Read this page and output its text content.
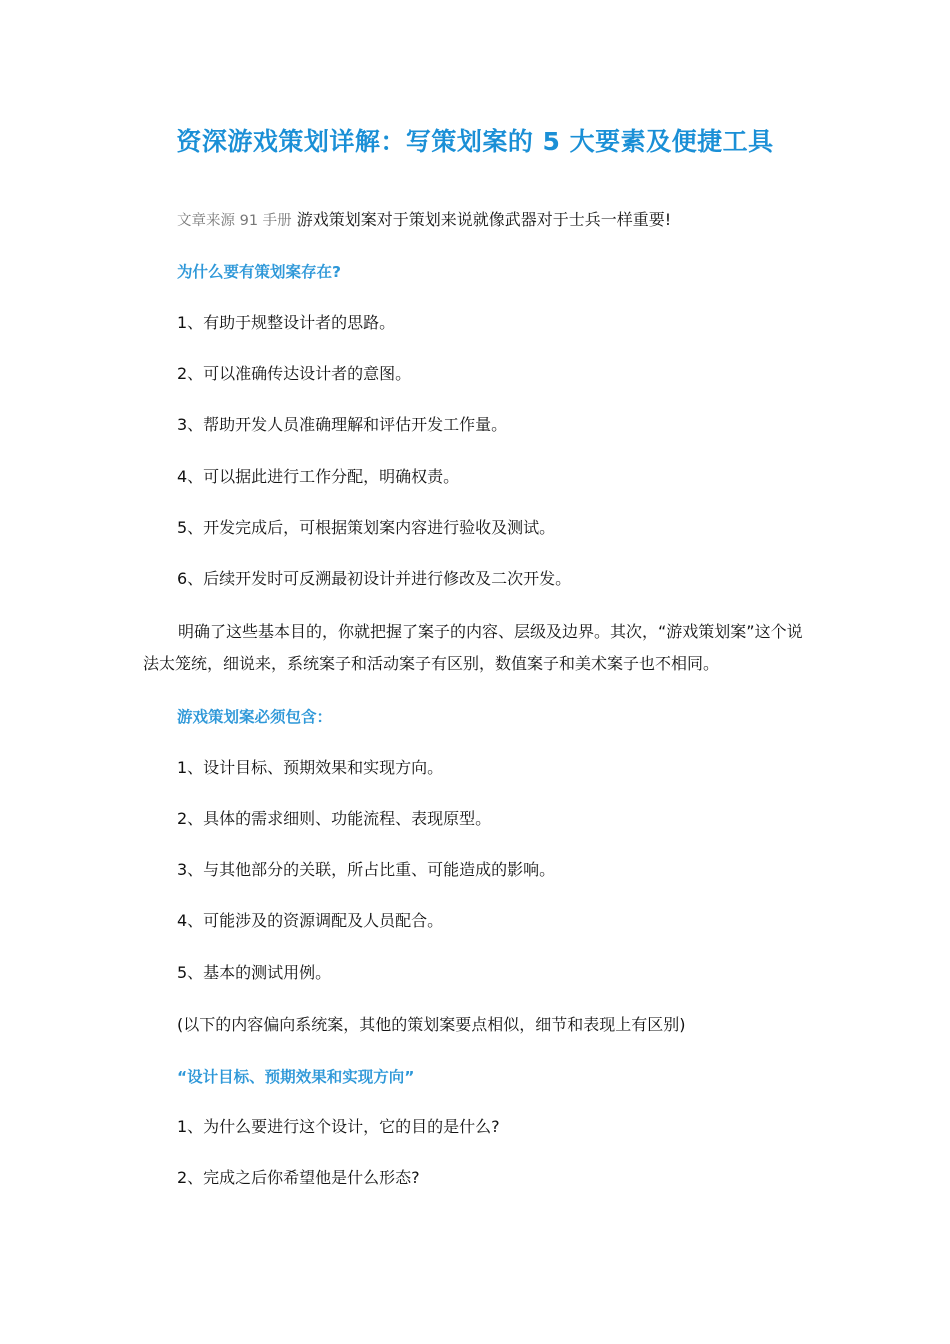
资深游戏策划详解：写策划案的 5 大要素及便捷工具
文章来源 91 手册 游戏策划案对于策划来说就像武器对于士兵一样重要!
为什么要有策划案存在?
1、有助于规整设计者的思路。
2、可以准确传达设计者的意图。
3、帮助开发人员准确理解和评估开发工作量。
4、可以据此进行工作分配，明确权责。
5、开发完成后，可根据策划案内容进行验收及测试。
6、后续开发时可反溯最初设计并进行修改及二次开发。
明确了这些基本目的，你就把握了案子的内容、层级及边界。其次，“游戏策划案”这个说法太笼统，细说来，系统案子和活动案子有区别，数值案子和美术案子也不相同。
游戏策划案必须包含：
1、设计目标、预期效果和实现方向。
2、具体的需求细则、功能流程、表现原型。
3、与其他部分的关联，所占比重、可能造成的影响。
4、可能涉及的资源调配及人员配合。
5、基本的测试用例。
(以下的内容偏向系统案，其他的策划案要点相似，细节和表现上有区别)
“设计目标、预期效果和实现方向”
1、为什么要进行这个设计，它的目的是什么?
2、完成之后你希望他是什么形态?
